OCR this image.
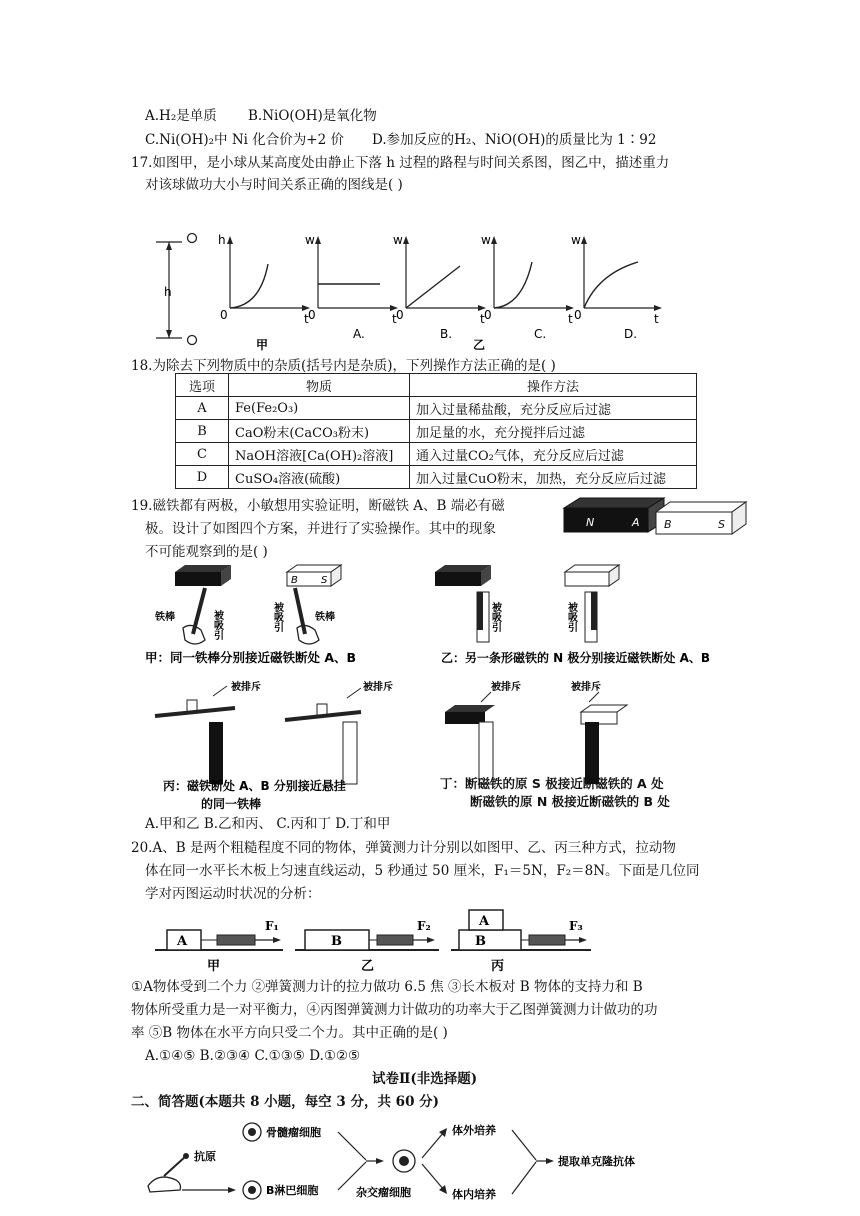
A.H₂是单质 B.NiO(OH)是氧化物
C.Ni(OH)₂中 Ni 化合价为+2 价 D.参加反应的H₂、NiO(OH)的质量比为 1∶92
17.如图甲，是小球从某高度处由静止下落 h 过程的路程与时间关系图，图乙中，描述重力
对该球做功大小与时间关系正确的图线是( )
h
h
0	t
甲
w
0	t
A.
w
0	t
B.
乙
w
0	t
C.
w
0	t
D.
18.为除去下列物质中的杂质(括号内是杂质)，下列操作方法正确的是( )
选项	物质	操作方法
A	Fe(Fe₂O₃)	加入过量稀盐酸，充分反应后过滤
B	CaO粉末(CaCO₃粉末)	加足量的水，充分搅拌后过滤
C	NaOH溶液[Ca(OH)₂溶液]	通入过量CO₂气体，充分反应后过滤
D	CuSO₄溶液(硫酸)	加入过量CuO粉末，加热，充分反应后过滤
19.磁铁都有两极，小敏想用实验证明，断磁铁 A、B 端必有磁
极。设计了如图四个方案，并进行了实验操作。其中的现象
不可能观察到的是( )
N	A B	S
铁棒	被吸引
B S
铁棒
被吸引
甲：同一铁棒分别接近磁铁断处 A、B
被吸引	被吸引
乙：另一条形磁铁的 N 极分别接近磁铁断处 A、B
被排斥	被排斥
丙：磁铁断处 A、B 分别接近悬挂
的同一铁棒
被排斥	被排斥
丁：断磁铁的原 S 极接近断磁铁的 A 处
断磁铁的原 N 极接近断磁铁的 B 处
A.甲和乙 B.乙和丙、 C.丙和丁 D.丁和甲
20.A、B 是两个粗糙程度不同的物体，弹簧测力计分别以如图甲、乙、丙三种方式，拉动物
体在同一水平长木板上匀速直线运动，5 秒通过 50 厘米，F₁＝5N，F₂＝8N。下面是几位同
学对丙图运动时状况的分析：
A
F₁
甲
B
F₂
乙
B
A	F₃
丙
①A物体受到二个力 ②弹簧测力计的拉力做功 6.5 焦 ③长木板对 B 物体的支持力和 B
物体所受重力是一对平衡力，④丙图弹簧测力计做功的功率大于乙图弹簧测力计做功的功
率 ⑤B 物体在水平方向只受二个力。其中正确的是( )
A.①④⑤ B.②③④ C.①③⑤ D.①②⑤
试卷Ⅱ(非选择题)
二、简答题(本题共 8 小题，每空 3 分，共 60 分)
抗原
骨髓瘤细胞
B淋巴细胞	杂交瘤细胞
体外培养
体内培养
提取单克隆抗体
